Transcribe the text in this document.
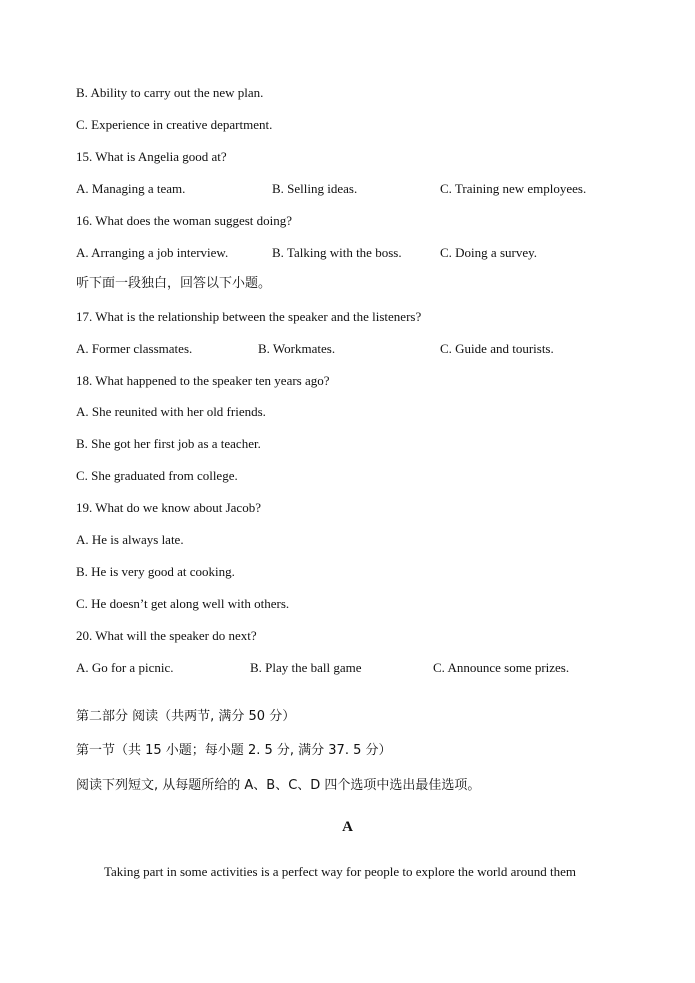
B. Ability to carry out the new plan.
C. Experience in creative department.
15. What is Angelia good at?
A. Managing a team.	B. Selling ideas.	C. Training new employees.
16. What does the woman suggest doing?
A. Arranging a job interview.	B. Talking with the boss.	C. Doing a survey.
听下面一段独白，回答以下小题。
17. What is the relationship between the speaker and the listeners?
A. Former classmates.	B. Workmates.	C. Guide and tourists.
18. What happened to the speaker ten years ago?
A. She reunited with her old friends.
B. She got her first job as a teacher.
C. She graduated from college.
19. What do we know about Jacob?
A. He is always late.
B. He is very good at cooking.
C. He doesn’t get along well with others.
20. What will the speaker do next?
A. Go for a picnic.	B. Play the ball game	C. Announce some prizes.
第二部分 阅读（共两节, 满分 50 分）
第一节（共 15 小题；每小题 2. 5 分, 满分 37. 5 分）
阅读下列短文, 从每题所给的 A、B、C、D 四个选项中选出最佳选项。
A
Taking part in some activities is a perfect way for people to explore the world around them
